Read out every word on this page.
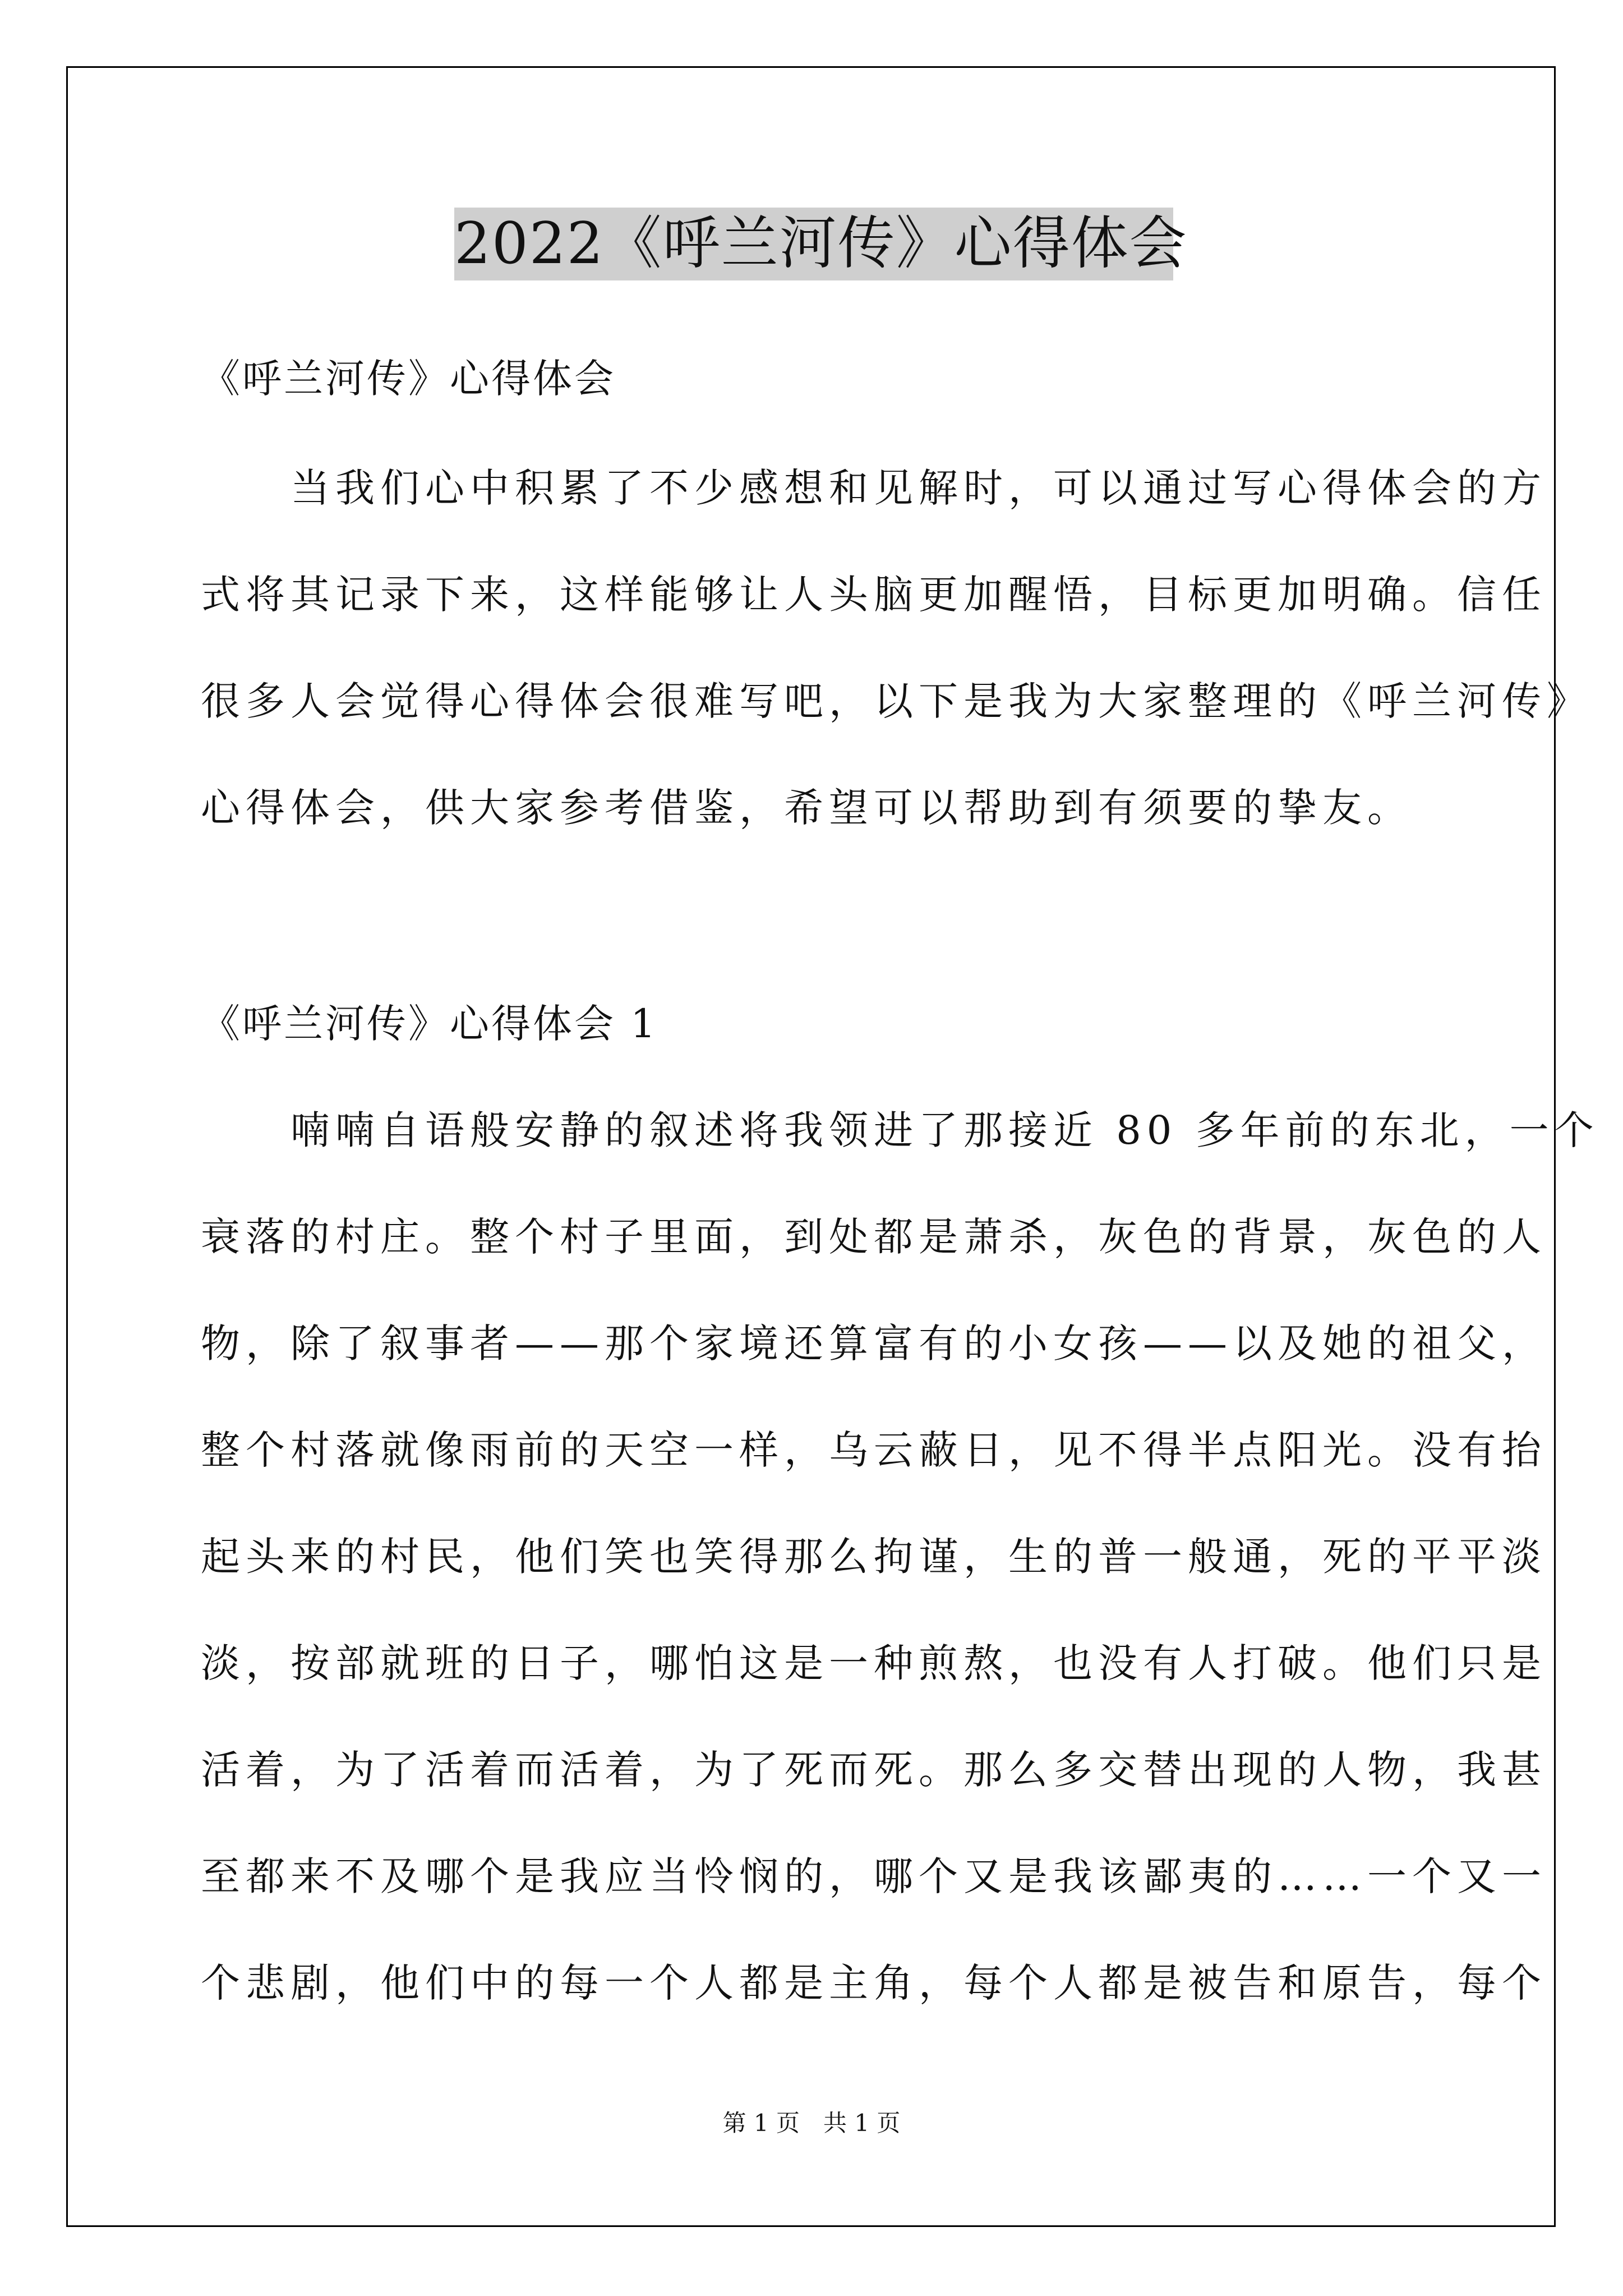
2022《呼兰河传》心得体会
《呼兰河传》心得体会
　　当我们心中积累了不少感想和见解时，可以通过写心得体会的方
式将其记录下来，这样能够让人头脑更加醒悟，目标更加明确。信任
很多人会觉得心得体会很难写吧，以下是我为大家整理的《呼兰河传》
心得体会，供大家参考借鉴，希望可以帮助到有须要的挚友。
《呼兰河传》心得体会 1
　　喃喃自语般安静的叙述将我领进了那接近 80 多年前的东北，一个
衰落的村庄。整个村子里面，到处都是萧杀，灰色的背景，灰色的人
物，除了叙事者——那个家境还算富有的小女孩——以及她的祖父，
整个村落就像雨前的天空一样，乌云蔽日，见不得半点阳光。没有抬
起头来的村民，他们笑也笑得那么拘谨，生的普一般通，死的平平淡
淡，按部就班的日子，哪怕这是一种煎熬，也没有人打破。他们只是
活着，为了活着而活着，为了死而死。那么多交替出现的人物，我甚
至都来不及哪个是我应当怜悯的，哪个又是我该鄙夷的……一个又一
个悲剧，他们中的每一个人都是主角，每个人都是被告和原告，每个
第 1 页　共 1 页
